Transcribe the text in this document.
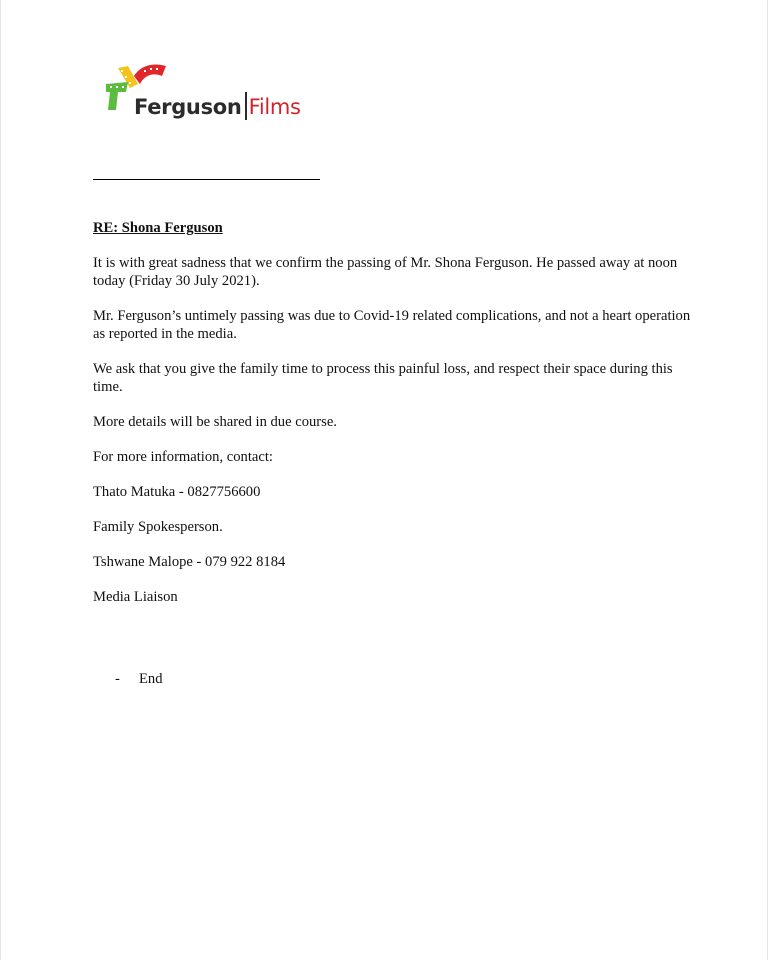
Ferguson Films

RE: Shona Ferguson

It is with great sadness that we confirm the passing of Mr. Shona Ferguson. He passed away at noon today (Friday 30 July 2021).

Mr. Ferguson’s untimely passing was due to Covid-19 related complications, and not a heart operation as reported in the media.

We ask that you give the family time to process this painful loss, and respect their space during this time.

More details will be shared in due course.

For more information, contact:

Thato Matuka - 0827756600

Family Spokesperson.

Tshwane Malope - 079 922 8184

Media Liaison

- End
